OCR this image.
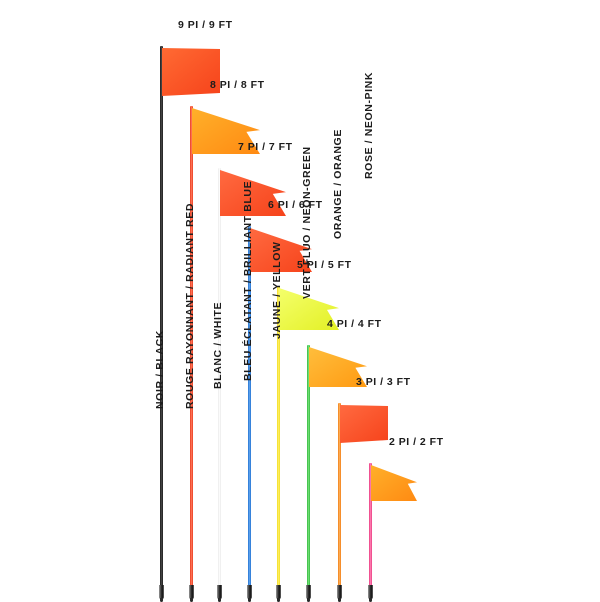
NOIR / BLACK
9 PI / 9 FT
ROUGE RAYONNANT / RADIANT RED
8 PI / 8 FT
BLANC / WHITE
7 PI / 7 FT
BLEU ÉCLATANT / BRILLIANT BLUE 6 PI / 6 FT
JAUNE / YELLOW 5 PI / 5 FT
VERT FLUO / NEON-GREEN
4 PI / 4 FT
ORANGE / ORANGE
3 PI / 3 FT
ROSE / NEON-PINK
2 PI / 2 FT
